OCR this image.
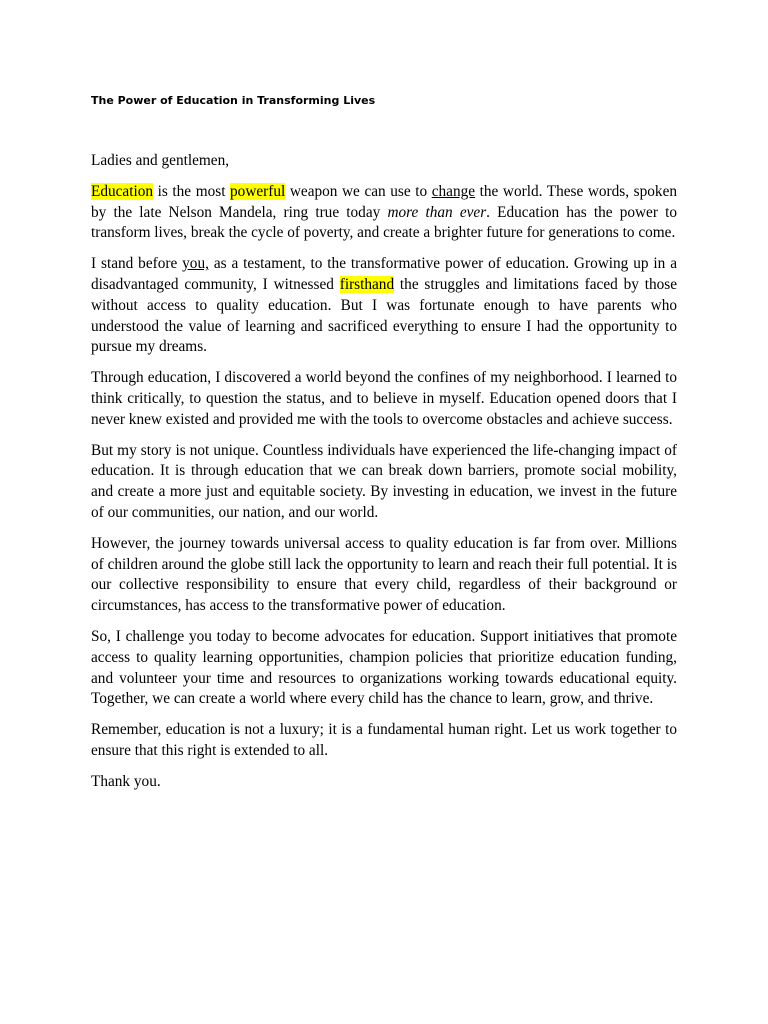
The Power of Education in Transforming Lives

Ladies and gentlemen,

Education is the most powerful weapon we can use to change the world. These words, spoken by the late Nelson Mandela, ring true today more than ever. Education has the power to transform lives, break the cycle of poverty, and create a brighter future for generations to come.

I stand before you, as a testament, to the transformative power of education. Growing up in a disadvantaged community, I witnessed firsthand the struggles and limitations faced by those without access to quality education. But I was fortunate enough to have parents who understood the value of learning and sacrificed everything to ensure I had the opportunity to pursue my dreams.

Through education, I discovered a world beyond the confines of my neighborhood. I learned to think critically, to question the status, and to believe in myself. Education opened doors that I never knew existed and provided me with the tools to overcome obstacles and achieve success.

But my story is not unique. Countless individuals have experienced the life-changing impact of education. It is through education that we can break down barriers, promote social mobility, and create a more just and equitable society. By investing in education, we invest in the future of our communities, our nation, and our world.

However, the journey towards universal access to quality education is far from over. Millions of children around the globe still lack the opportunity to learn and reach their full potential. It is our collective responsibility to ensure that every child, regardless of their background or circumstances, has access to the transformative power of education.

So, I challenge you today to become advocates for education. Support initiatives that promote access to quality learning opportunities, champion policies that prioritize education funding, and volunteer your time and resources to organizations working towards educational equity. Together, we can create a world where every child has the chance to learn, grow, and thrive.

Remember, education is not a luxury; it is a fundamental human right. Let us work together to ensure that this right is extended to all.

Thank you.
